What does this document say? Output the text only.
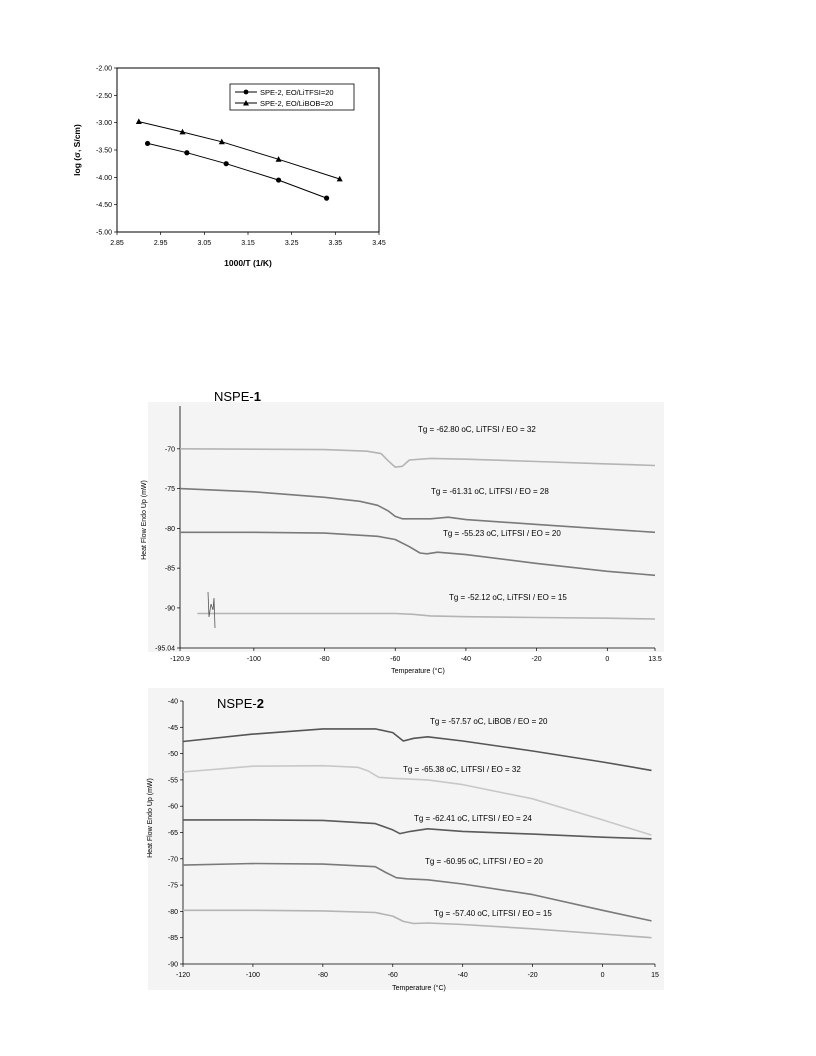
2.85	2.95	3.05	3.15	3.25	3.35	3.45
-2.00
-2.50
-3.00
-3.50
-4.00
-4.50
-5.00
1000/T (1/K)
log (σ, S/cm)
SPE-2, EO/LiTFSI=20
SPE-2, EO/LiBOB=20
-120.9	-100	-80	-60	-40	-20	0	13.5
-70
-75
-80
-85
-90
-95.04
Tg = -62.80 oC, LiTFSI / EO = 32
Tg = -61.31 oC, LiTFSI / EO = 28
Tg = -55.23 oC, LiTFSI / EO = 20
Tg = -52.12 oC, LiTFSI / EO = 15
NSPE-1
Temperature (°C)
Heat Flow Endo Up (mW)
-120	-100	-80	-60	-40	-20	0	15
-40
-45
-50
-55
-60
-65
-70
-75
-80
-85
-90
Tg = -57.57 oC, LiBOB / EO = 20
Tg = -65.38 oC, LiTFSI / EO = 32
Tg = -62.41 oC, LiTFSI / EO = 24
Tg = -60.95 oC, LiTFSI / EO = 20
Tg = -57.40 oC, LiTFSI / EO = 15
NSPE-2
Temperature (°C)
Heat Flow Endo Up (mW)
